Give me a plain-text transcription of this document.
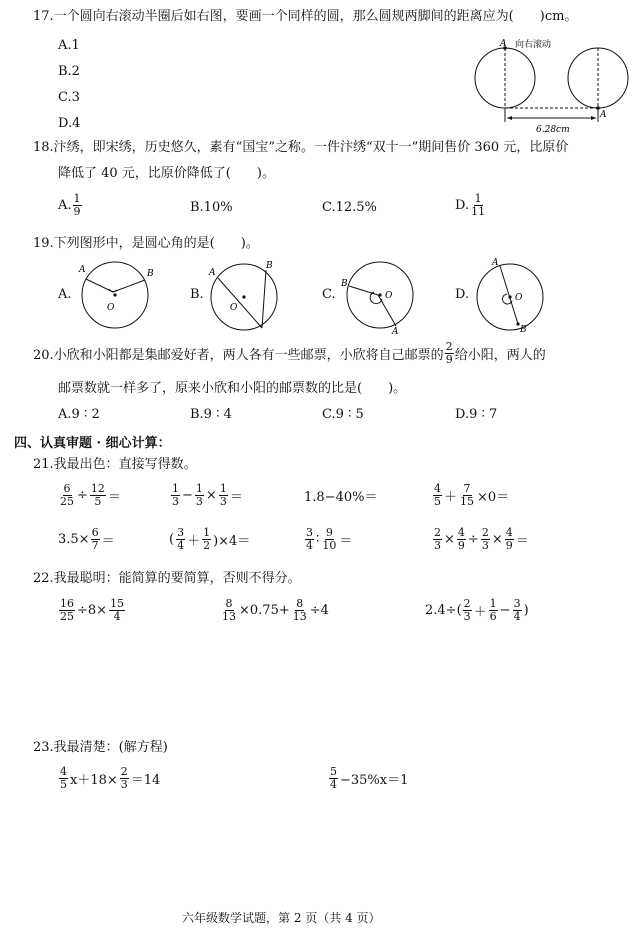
17.一个圆向右滚动半圈后如右图，要画一个同样的圆，那么圆规两脚间的距离应为(　　)cm。
A.1
B.2
C.3
D.4
A
A
向右滚动
6.28cm
18.汴绣，即宋绣，历史悠久，素有“国宝”之称。一件汴绣“双十一”期间售价 360 元，比原价
降低了 40 元，比原价降低了(　　)。
A. $\frac{1}{9}$	B.10%	C.12.5%	D. $\frac{1}{11}$
19.下列图形中，是圆心角的是(　　)。
A.
A	B
O
B.
A
B
O
C.
B
A
O	D.
A
B
O
20.小欣和小阳都是集邮爱好者，两人各有一些邮票，小欣将自己邮票的 $\frac{2}{9}$ 给小阳，两人的
邮票数就一样多了，原来小欣和小阳的邮票数的比是(　　)。
A.9 ∶ 2	B.9 ∶ 4	C.9 ∶ 5	D.9 ∶ 7
四、认真审题 · 细心计算：
21.我最出色：直接写得数。
$\frac{6}{25} \div \frac{12}{5}$ ＝	$\frac{1}{3} - \frac{1}{3} \times \frac{1}{3}$ ＝	1.8−40%＝	$\frac{4}{5} + \frac{7}{15} \times 0=$
$3.5\times \frac{6}{7}$ ＝	( $\frac{3}{4} + \frac{1}{2} )\times 4=$	$\frac{3}{4}$ ∶ $\frac{9}{10}$ ＝	$\frac{2}{3} \times \frac{4}{9} \div \frac{2}{3} \times \frac{4}{9}$ ＝
22.我最聪明：能简算的要简算，否则不得分。
$\frac{16}{25} \div 8\times \frac{15}{4}$	$\frac{8}{13} \times 0.75+ \frac{8}{13} \div 4$	$2.4\div( \frac{2}{3} + \frac{1}{6} - \frac{3}{4}$ )
23.我最清楚：(解方程)
$\frac{4}{5} x+18\times \frac{2}{3} =14$	$\frac{5}{4} -35\%x=1$
六年级数学试题，第 2 页（共 4 页）
